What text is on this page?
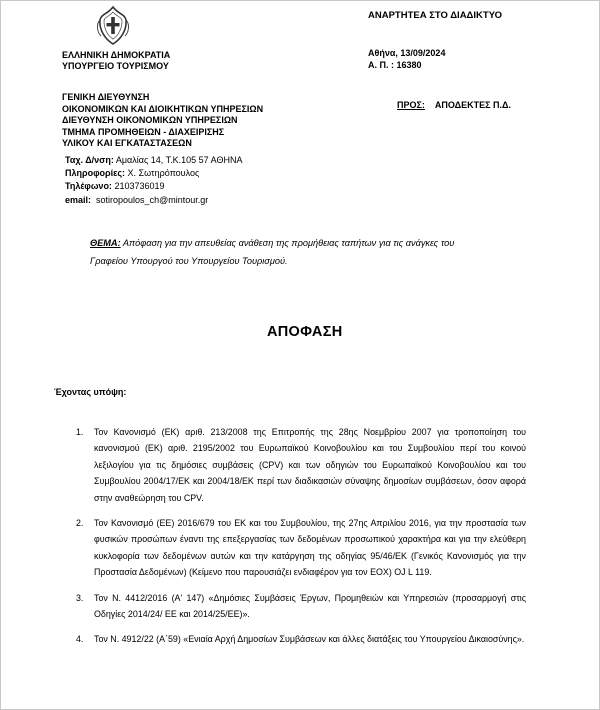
ΕΛΛΗΝΙΚΗ ΔΗΜΟΚΡΑΤΙΑ
ΥΠΟΥΡΓΕΙΟ ΤΟΥΡΙΣΜΟΥ
ΓΕΝΙΚΗ ΔΙΕΥΘΥΝΣΗ
ΟΙΚΟΝΟΜΙΚΩΝ ΚΑΙ ΔΙΟΙΚΗΤΙΚΩΝ ΥΠΗΡΕΣΙΩΝ
ΔΙΕΥΘΥΝΣΗ ΟΙΚΟΝΟΜΙΚΩΝ ΥΠΗΡΕΣΙΩΝ
ΤΜΗΜΑ ΠΡΟΜΗΘΕΙΩΝ - ΔΙΑΧΕΙΡΙΣΗΣ
ΥΛΙΚΟΥ ΚΑΙ ΕΓΚΑΤΑΣΤΑΣΕΩΝ
Ταχ. Δ/νση: Αμαλίας 14, Τ.Κ.105 57 ΑΘΗΝΑ
Πληροφορίες: Χ. Σωτηρόπουλος
Τηλέφωνο: 2103736019
email: sotiropoulos_ch@mintour.gr
ΑΝΑΡΤΗΤΕΑ ΣΤΟ ΔΙΑΔΙΚΤΥΟ
Αθήνα, 13/09/2024
Α. Π. : 16380
ΠΡΟΣ: ΑΠΟΔΕΚΤΕΣ Π.Δ.
ΘΕΜΑ: Απόφαση για την απευθείας ανάθεση της προμήθειας ταπήτων για τις ανάγκες του
Γραφείου Υπουργού του Υπουργείου Τουρισμού.
ΑΠΟΦΑΣΗ
Έχοντας υπόψη:
1. Τον Κανονισμό (ΕΚ) αριθ. 213/2008 της Επιτροπής της 28ης Νοεμβρίου 2007 για τροποποίηση του κανονισμού (ΕΚ) αριθ. 2195/2002 του Ευρωπαϊκού Κοινοβουλίου και του Συμβουλίου περί του κοινού λεξιλογίου για τις δημόσιες συμβάσεις (CPV) και των οδηγιών του Ευρωπαϊκού Κοινοβουλίου και του Συμβουλίου 2004/17/ΕΚ και 2004/18/ΕΚ περί των διαδικασιών σύναψης δημοσίων συμβάσεων, όσον αφορά στην αναθεώρηση του CPV.
2. Τον Κανονισμό (ΕΕ) 2016/679 του ΕΚ και του Συμβουλίου, της 27ης Απριλίου 2016, για την προστασία των φυσικών προσώπων έναντι της επεξεργασίας των δεδομένων προσωπικού χαρακτήρα και για την ελεύθερη κυκλοφορία των δεδομένων αυτών και την κατάργηση της οδηγίας 95/46/ΕΚ (Γενικός Κανονισμός για την Προστασία Δεδομένων) (Κείμενο που παρουσιάζει ενδιαφέρον για τον ΕΟΧ) OJ L 119.
3. Τον Ν. 4412/2016 (Α' 147) «Δημόσιες Συμβάσεις Έργων, Προμηθειών και Υπηρεσιών (προσαρμογή στις Οδηγίες 2014/24/ ΕΕ και 2014/25/ΕΕ)».
4. Τον Ν. 4912/22 (Α΄59) «Ενιαία Αρχή Δημοσίων Συμβάσεων και άλλες διατάξεις του Υπουργείου Δικαιοσύνης».
